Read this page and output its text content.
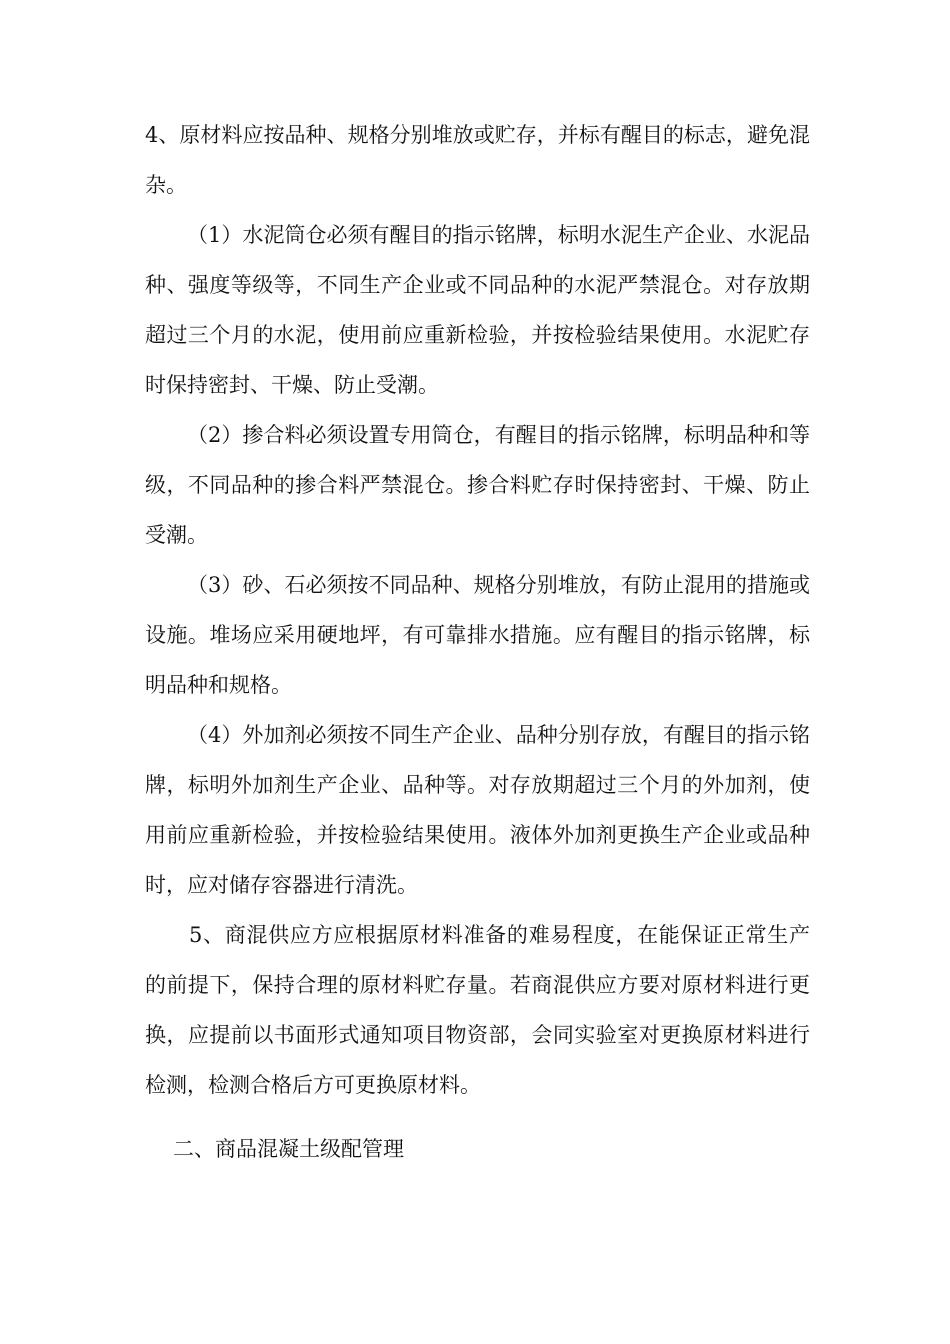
4、原材料应按品种、规格分别堆放或贮存，并标有醒目的标志，避免混杂。

（1）水泥筒仓必须有醒目的指示铭牌，标明水泥生产企业、水泥品种、强度等级等，不同生产企业或不同品种的水泥严禁混仓。对存放期超过三个月的水泥，使用前应重新检验，并按检验结果使用。水泥贮存时保持密封、干燥、防止受潮。

（2）掺合料必须设置专用筒仓，有醒目的指示铭牌，标明品种和等级，不同品种的掺合料严禁混仓。掺合料贮存时保持密封、干燥、防止受潮。

（3）砂、石必须按不同品种、规格分别堆放，有防止混用的措施或设施。堆场应采用硬地坪，有可靠排水措施。应有醒目的指示铭牌，标明品种和规格。

（4）外加剂必须按不同生产企业、品种分别存放，有醒目的指示铭牌，标明外加剂生产企业、品种等。对存放期超过三个月的外加剂，使用前应重新检验，并按检验结果使用。液体外加剂更换生产企业或品种时，应对储存容器进行清洗。

5、商混供应方应根据原材料准备的难易程度，在能保证正常生产的前提下，保持合理的原材料贮存量。若商混供应方要对原材料进行更换，应提前以书面形式通知项目物资部，会同实验室对更换原材料进行检测，检测合格后方可更换原材料。

二、商品混凝土级配管理
